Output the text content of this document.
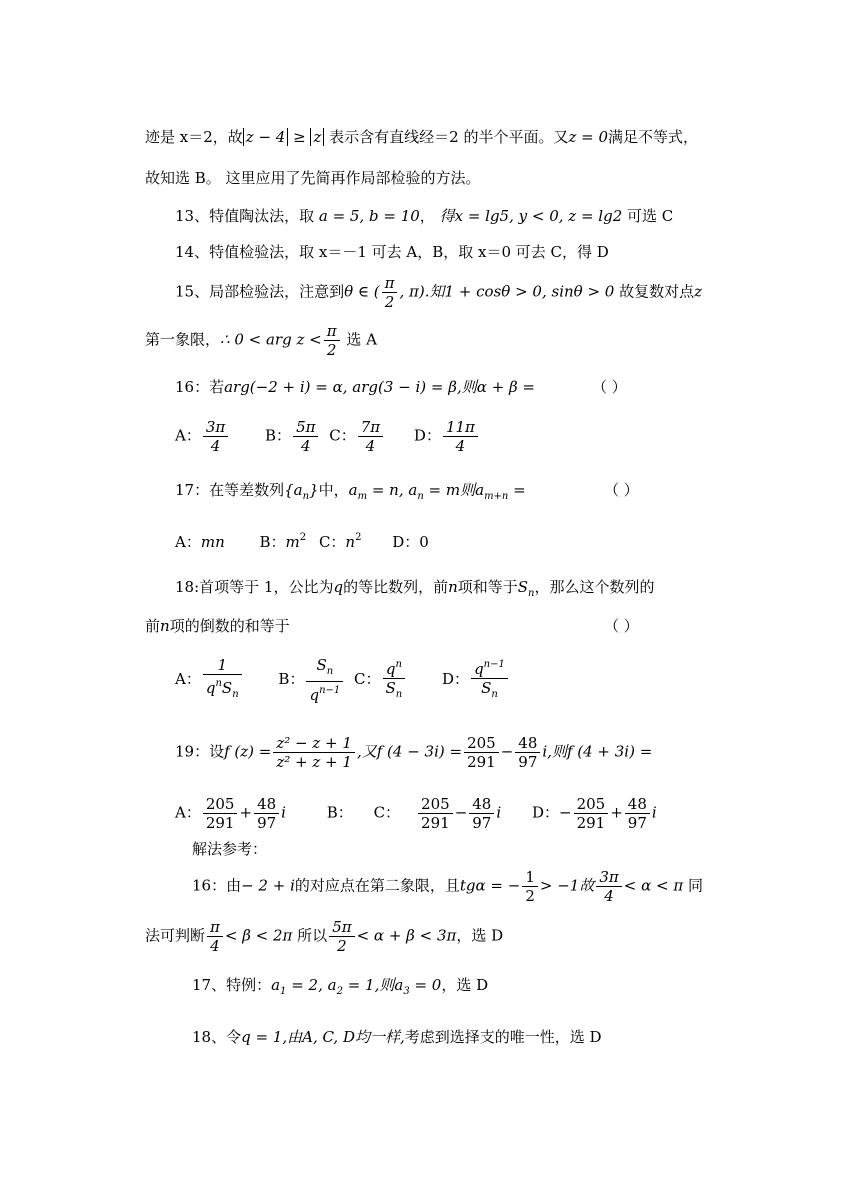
迹是 x＝2，故 z − 4 ≥ z 表示含有直线经＝2 的半个平面。又z = 0满足不等式，
故知选 B。 这里应用了先简再作局部检验的方法。
13、特值陶汰法，取 a = 5, b = 10， 得x = lg5, y < 0, z = lg2 可选 C
14、特值检验法，取 x＝－1 可去 A，B，取 x＝0 可去 C，得 D
15、局部检验法，注意到θ ∈ ( $\frac{\pi}{2}$ , π).知1 + cosθ > 0, sinθ > 0 故复数对点z
第一象限，∴ 0 < arg $z < \frac{\pi}{2}$ 选 A
16：若arg(−2 + i) = α, arg(3 − i) = β,则α + β =	（ ）
A： $\frac{3\pi}{4}$ B： $\frac{5\pi}{4}$ C： $\frac{7\pi}{4}$ D： $\frac{11\pi}{4}$
17：在等差数列$\{a_n\}$中，$a_m = n$, $a_n = m$则$a_{m+n}$ =	（ ）
A：mn B：$m^2$ C：$n^2$ D：0
18:首项等于 1，公比为q的等比数列，前n项和等于$S_n$，那么这个数列的
前n项的倒数的和等于	（ ）
A： $\frac{1}{q^nS_n}$ B： $\frac{S_n}{q^{n-1}}$ C： $\frac{q^n}{S_n}$ D： $\frac{q^{n-1}}{S_n}$
19：设f $(z) = \frac{\text{z² − z + 1}}{\text{z² + z + 1}}$ ,又f $(4 - 3i) = \frac{205}{291} - \frac{48}{97} i$,则f (4 + 3i) =
A： $\frac{205}{291} + \frac{48}{97}$ i	B： C： $\frac{205}{291} - \frac{48}{97}$ i D：− $\frac{205}{291} + \frac{48}{97}$ i
解法参考：
16：由− 2 + i的对应点在第二象限，且tgα = − $\frac{1}{2} > -1$故 $\frac{3\pi}{4} < \alpha < \pi$ 同
法可判断 $\frac{\pi}{4} < \beta < 2\pi$ 所以 $\frac{5\pi}{2} < \alpha + \beta < 3\pi$，选 D
17、特例：$a_1 = 2$, $a_2 = 1$,则$a_3 = 0$，选 D
18、令q = 1,由A, C, D均一样,考虑到选择支的唯一性，选 D
